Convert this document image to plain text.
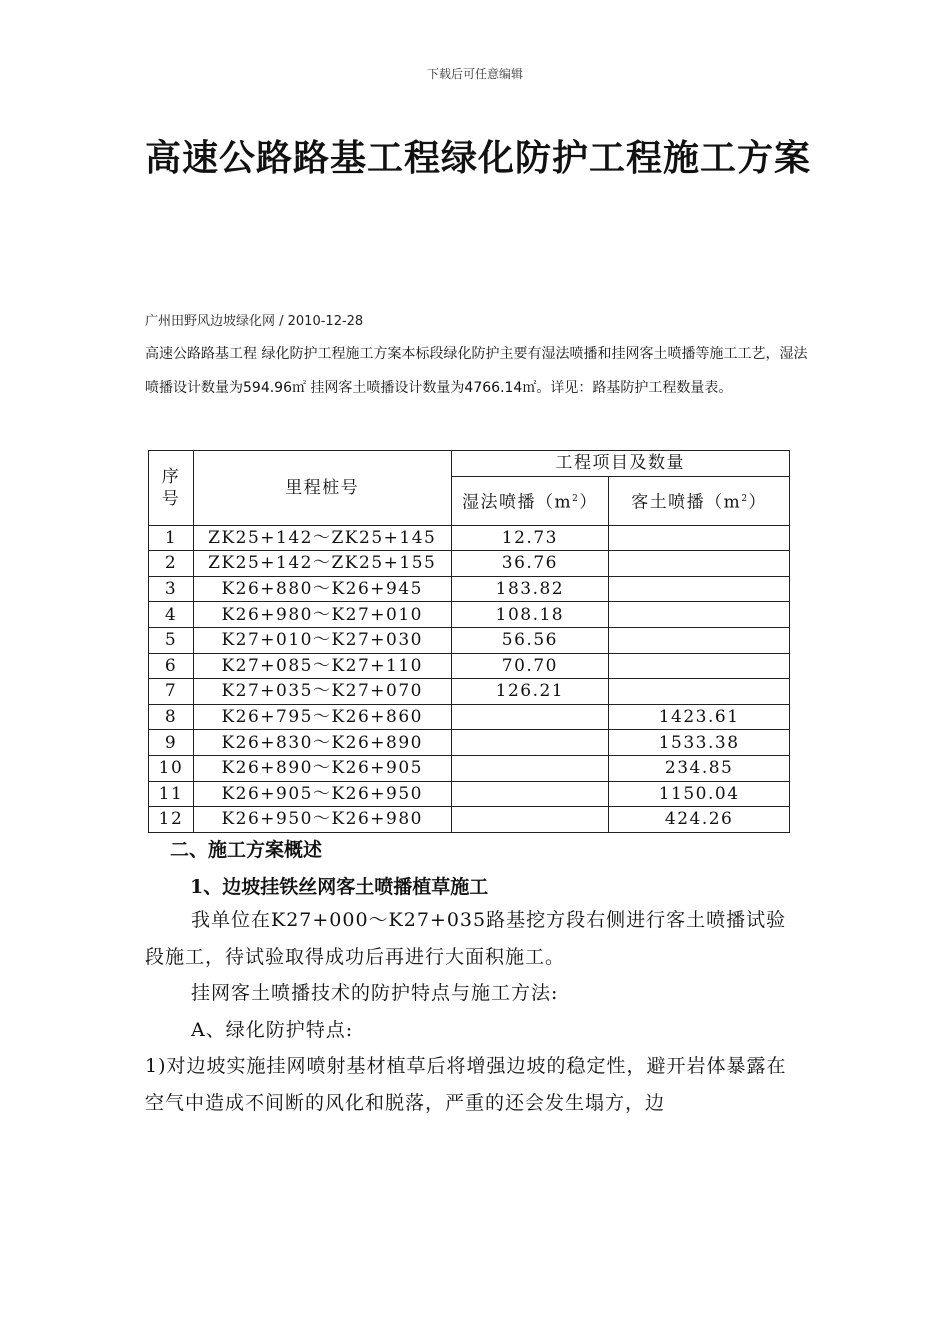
下载后可任意编辑
高速公路路基工程绿化防护工程施工方案
广州田野风边坡绿化网 / 2010-12-28
高速公路路基工程 绿化防护工程施工方案本标段绿化防护主要有湿法喷播和挂网客土喷播等施工工艺，湿法喷播设计数量为594.96㎡ 挂网客土喷播设计数量为4766.14㎡。详见：路基防护工程数量表。
序号	里程桩号	工程项目及数量	
		湿法喷播$(m^2)$	客土喷播$(m^2)$
1	ZK25+142～ZK25+145	12.73	
2	ZK25+142～ZK25+155	36.76	
3	K26+880～K26+945	183.82	
4	K26+980～K27+010	108.18	
5	K27+010～K27+030	56.56	
6	K27+085～K27+110	70.70	
7	K27+035～K27+070	126.21	
8	K26+795～K26+860		1423.61
9	K26+830～K26+890		1533.38
10	K26+890～K26+905		234.85
11	K26+905～K26+950		1150.04
12	K26+950～K26+980		424.26
二、施工方案概述
1、边坡挂铁丝网客土喷播植草施工

我单位在K27+000～K27+035路基挖方段右侧进行客土喷播试验段施工，待试验取得成功后再进行大面积施工。

挂网客土喷播技术的防护特点与施工方法:

A、绿化防护特点:

1)对边坡实施挂网喷射基材植草后将增强边坡的稳定性，避开岩体暴露在空气中造成不间断的风化和脱落，严重的还会发生塌方，边
